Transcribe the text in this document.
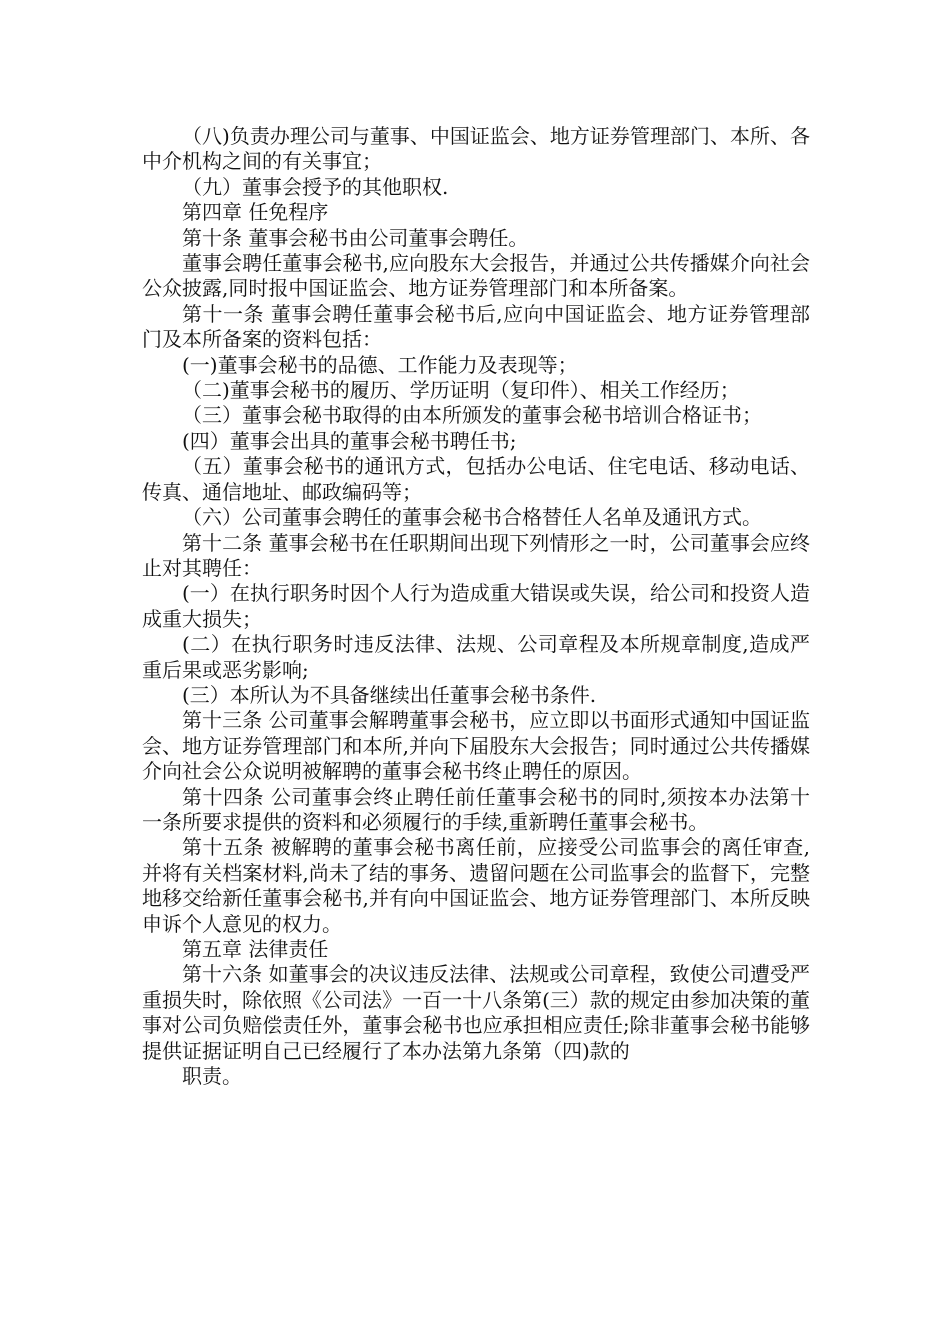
（八)负责办理公司与董事、中国证监会、地方证券管理部门、本所、各中介机构之间的有关事宜；

（九）董事会授予的其他职权.

第四章 任免程序

第十条 董事会秘书由公司董事会聘任。

董事会聘任董事会秘书,应向股东大会报告，并通过公共传播媒介向社会公众披露,同时报中国证监会、地方证券管理部门和本所备案。

第十一条 董事会聘任董事会秘书后,应向中国证监会、地方证券管理部门及本所备案的资料包括：

(一)董事会秘书的品德、工作能力及表现等；

（二)董事会秘书的履历、学历证明（复印件）、相关工作经历；

（三）董事会秘书取得的由本所颁发的董事会秘书培训合格证书；

(四）董事会出具的董事会秘书聘任书;

（五）董事会秘书的通讯方式，包括办公电话、住宅电话、移动电话、传真、通信地址、邮政编码等；

（六）公司董事会聘任的董事会秘书合格替任人名单及通讯方式。

第十二条 董事会秘书在任职期间出现下列情形之一时，公司董事会应终止对其聘任：

(一）在执行职务时因个人行为造成重大错误或失误，给公司和投资人造成重大损失；

(二）在执行职务时违反法律、法规、公司章程及本所规章制度,造成严重后果或恶劣影响;

(三）本所认为不具备继续出任董事会秘书条件.

第十三条 公司董事会解聘董事会秘书，应立即以书面形式通知中国证监会、地方证券管理部门和本所,并向下届股东大会报告；同时通过公共传播媒介向社会公众说明被解聘的董事会秘书终止聘任的原因。

第十四条 公司董事会终止聘任前任董事会秘书的同时,须按本办法第十一条所要求提供的资料和必须履行的手续,重新聘任董事会秘书。

第十五条 被解聘的董事会秘书离任前，应接受公司监事会的离任审查,并将有关档案材料,尚未了结的事务、遗留问题在公司监事会的监督下，完整地移交给新任董事会秘书,并有向中国证监会、地方证券管理部门、本所反映申诉个人意见的权力。

第五章 法律责任

第十六条 如董事会的决议违反法律、法规或公司章程，致使公司遭受严重损失时，除依照《公司法》一百一十八条第(三）款的规定由参加决策的董事对公司负赔偿责任外，董事会秘书也应承担相应责任;除非董事会秘书能够提供证据证明自己已经履行了本办法第九条第（四)款的

职责。
